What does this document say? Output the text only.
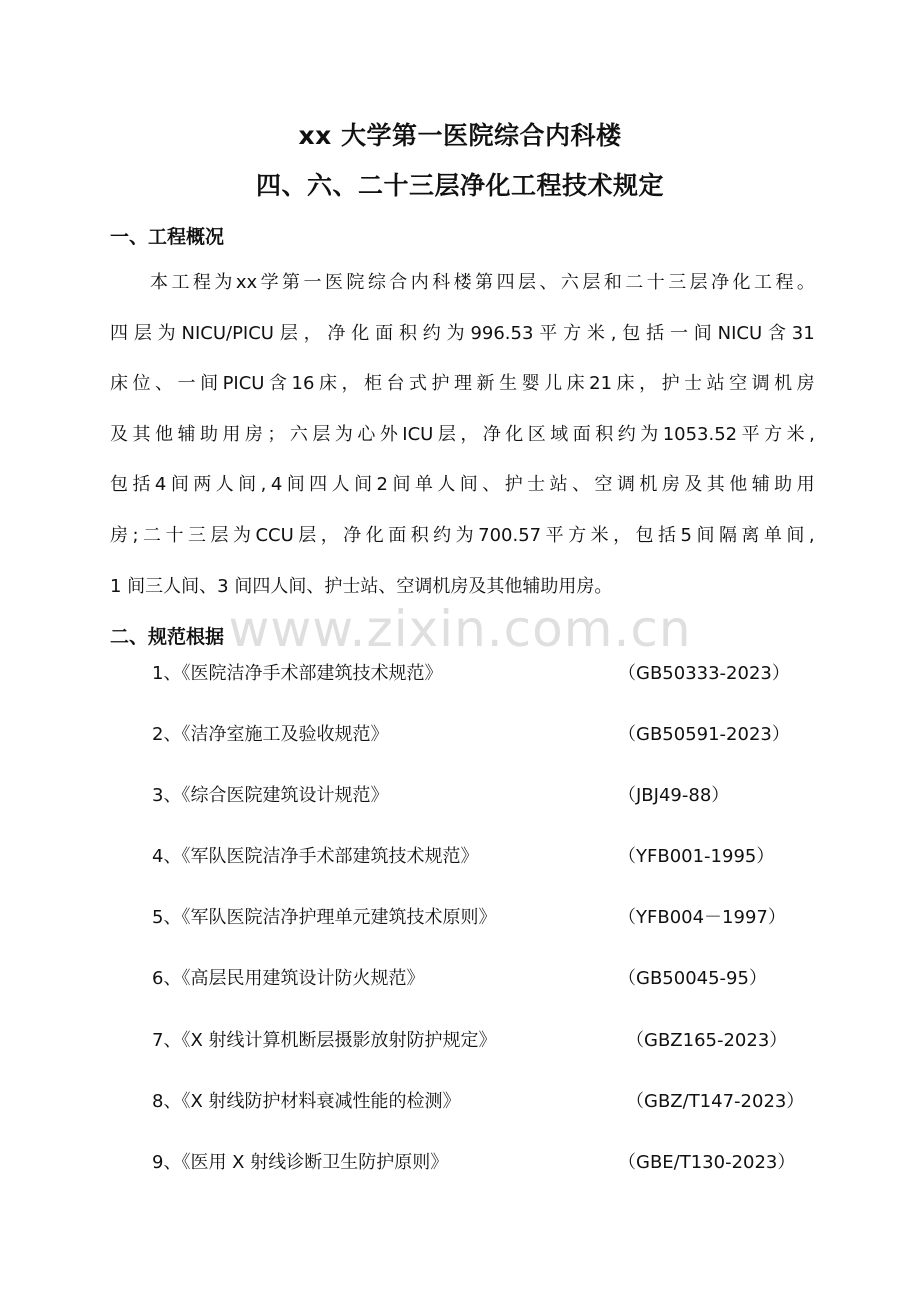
xx 大学第一医院综合内科楼
四、六、二十三层净化工程技术规定
一、工程概况
本 工 程 为 xx 学 第 一 医 院 综 合 内 科 楼 第 四 层 、 六 层 和 二 十 三 层 净 化 工 程 。
四 层 为 NICU/PICU 层 ， 净 化 面 积 约 为 996.53 平 方 米 , 包 括 一 间 NICU 含 31
床 位 、 一 间 PICU 含 16 床 ， 柜 台 式 护 理 新 生 婴 儿 床 21 床 ， 护 士 站 空 调 机 房
及 其 他 辅 助 用 房 ； 六 层 为 心 外 ICU 层 ， 净 化 区 域 面 积 约 为 1053.52 平 方 米 ,
包 括 4 间 两 人 间 , 4 间 四 人 间 2 间 单 人 间 、 护 士 站 、 空 调 机 房 及 其 他 辅 助 用
房 ; 二 十 三 层 为 CCU 层 ， 净 化 面 积 约 为 700.57 平 方 米 ， 包 括 5 间 隔 离 单 间 ,
1 间三人间、3 间四人间、护士站、空调机房及其他辅助用房。
二、规范根据
1、《医院洁净手术部建筑技术规范》	（GB50333-2023）
2、《洁净室施工及验收规范》	（GB50591-2023）
3、《综合医院建筑设计规范》	（JBJ49-88）
4、《军队医院洁净手术部建筑技术规范》	（YFB001-1995）
5、《军队医院洁净护理单元建筑技术原则》	（YFB004－1997）
6、《高层民用建筑设计防火规范》	（GB50045-95）
7、《X 射线计算机断层摄影放射防护规定》	（GBZ165-2023）
8、《X 射线防护材料衰减性能的检测》	（GBZ/T147-2023）
9、《医用 X 射线诊断卫生防护原则》	（GBE/T130-2023）
www.zixin.com.cn
